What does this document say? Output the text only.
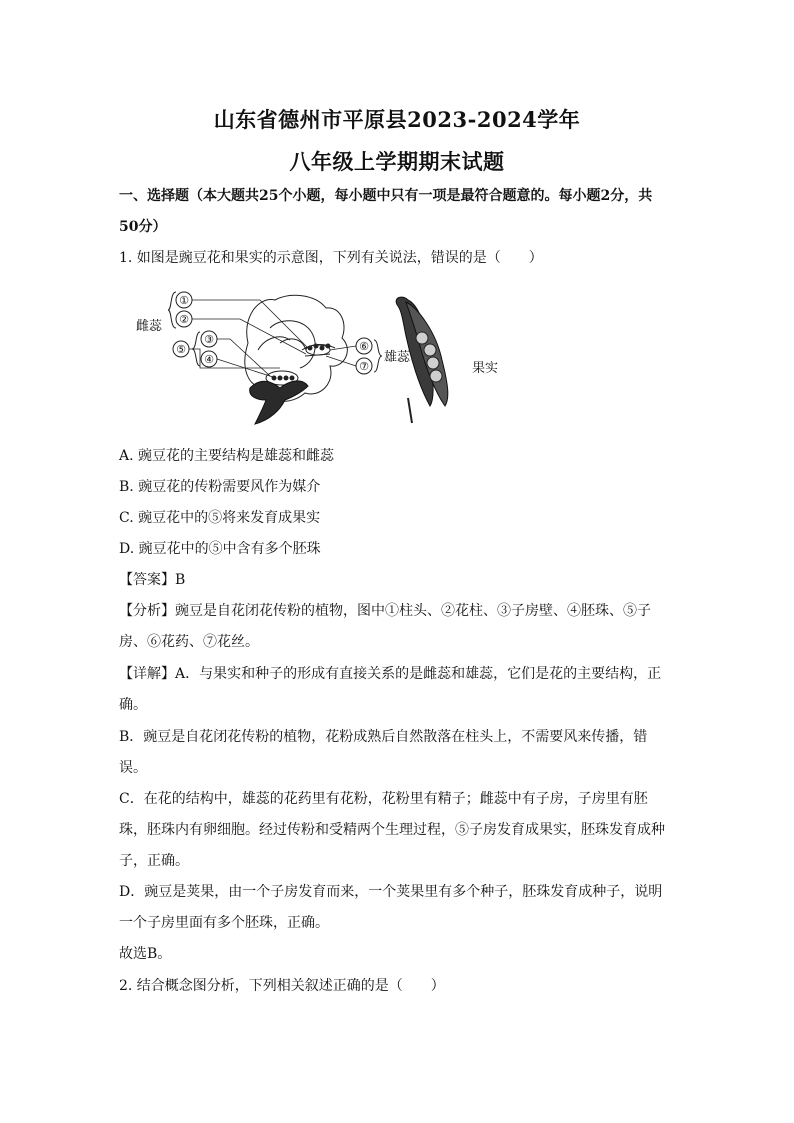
山东省德州市平原县2023-2024学年
八年级上学期期末试题
一、选择题（本大题共25个小题，每小题中只有一项是最符合题意的。每小题2分，共
50分）
1. 如图是豌豆花和果实的示意图，下列有关说法，错误的是（　　）
①
②
③
④
⑤	⑥
⑦
雌蕊
雄蕊
果实
A. 豌豆花的主要结构是雄蕊和雌蕊
B. 豌豆花的传粉需要风作为媒介
C. 豌豆花中的⑤将来发育成果实
D. 豌豆花中的⑤中含有多个胚珠
【答案】B
【分析】豌豆是自花闭花传粉的植物，图中①柱头、②花柱、③子房壁、④胚珠、⑤子
房、⑥花药、⑦花丝。
【详解】A．与果实和种子的形成有直接关系的是雌蕊和雄蕊，它们是花的主要结构，正
确。
B．豌豆是自花闭花传粉的植物，花粉成熟后自然散落在柱头上，不需要风来传播，错
误。
C．在花的结构中，雄蕊的花药里有花粉，花粉里有精子；雌蕊中有子房，子房里有胚
珠，胚珠内有卵细胞。经过传粉和受精两个生理过程，⑤子房发育成果实，胚珠发育成种
子，正确。
D．豌豆是荚果，由一个子房发育而来，一个荚果里有多个种子，胚珠发育成种子，说明
一个子房里面有多个胚珠，正确。
故选B。
2. 结合概念图分析，下列相关叙述正确的是（　　）
